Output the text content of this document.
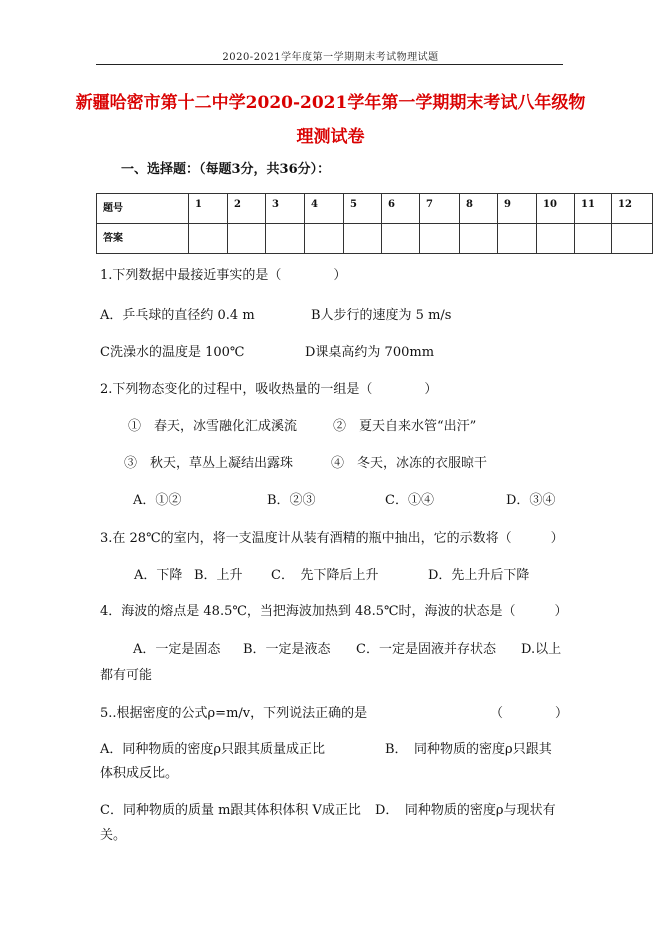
2020-2021学年度第一学期期末考试物理试题
新疆哈密市第十二中学2020-2021学年第一学期期末考试八年级物
理测试卷
一、选择题：（每题3分，共36分）：
题号	1	2	3	4	5	6	7	8	9	10	11	12
答案												
1.下列数据中最接近事实的是（　　　　）
A．乒乓球的直径约 0.4 m	B人步行的速度为 5 m/s
C洗澡水的温度是 100℃	D课桌高约为 700mm
2.下列物态变化的过程中，吸收热量的一组是（　　　　）
①　春天，冰雪融化汇成溪流	②　夏天自来水管“出汗”
③　秋天，草丛上凝结出露珠	④　冬天，冰冻的衣服晾干
A．①②	B．②③	C．①④	D．③④
3.在 28℃的室内，将一支温度计从装有酒精的瓶中抽出，它的示数将（　　　）
A．下降 B．上升 C．　先下降后上升	D．先上升后下降
4．海波的熔点是 48.5℃，当把海波加热到 48.5℃时，海波的状态是（　　　）
A．一定是固态 B．一定是液态 C．一定是固液并存状态 D.以上
都有可能
5..根据密度的公式ρ=m/v，下列说法正确的是	（　　　　）
A．同种物质的密度ρ只跟其质量成正比	B．　同种物质的密度ρ只跟其
体积成反比。
C．同种物质的质量 m跟其体积体积 V成正比 D．　同种物质的密度ρ与现状有
关。
